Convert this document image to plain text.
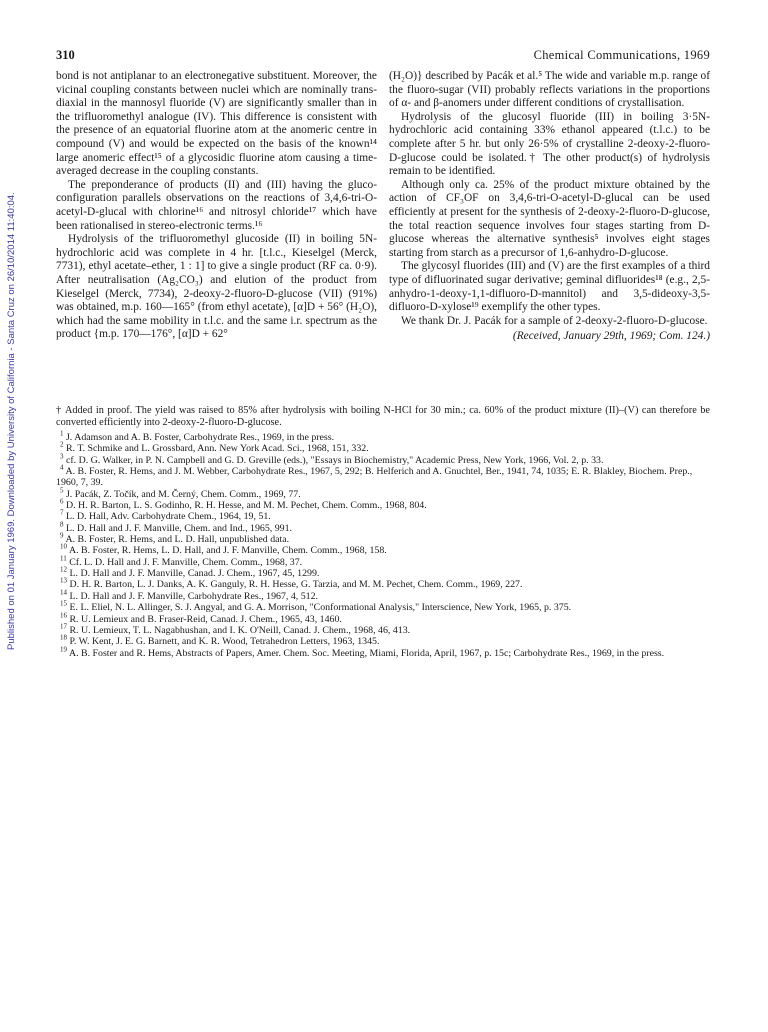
Published on 01 January 1969. Downloaded by University of California - Santa Cruz on 26/10/2014 11:40:04.
310	Chemical Communications, 1969

bond is not antiplanar to an electronegative substituent. Moreover, the vicinal coupling constants between nuclei which are nominally trans-diaxial in the mannosyl fluoride (V) are significantly smaller than in the trifluoromethyl analogue (IV). This difference is consistent with the presence of an equatorial fluorine atom at the anomeric centre in compound (V) and would be expected on the basis of the known¹⁴ large anomeric effect¹⁵ of a glycosidic fluorine atom causing a time-averaged decrease in the coupling constants.

The preponderance of products (II) and (III) having the gluco-configuration parallels observations on the reactions of 3,4,6-tri-O-acetyl-D-glucal with chlorine¹⁶ and nitrosyl chloride¹⁷ which have been rationalised in stereo-electronic terms.¹⁶

Hydrolysis of the trifluoromethyl glucoside (II) in boiling 5N-hydrochloric acid was complete in 4 hr. [t.l.c., Kieselgel (Merck, 7731), ethyl acetate–ether, 1 : 1] to give a single product (RF ca. 0·9). After neutralisation (Ag₂CO₃) and elution of the product from Kieselgel (Merck, 7734), 2-deoxy-2-fluoro-D-glucose (VII) (91%) was obtained, m.p. 160—165° (from ethyl acetate), [α]D + 56° (H₂O), which had the same mobility in t.l.c. and the same i.r. spectrum as the product {m.p. 170—176°, [α]D + 62°

(H₂O)} described by Pacák et al.⁵ The wide and variable m.p. range of the fluoro-sugar (VII) probably reflects variations in the proportions of α- and β-anomers under different conditions of crystallisation.

Hydrolysis of the glucosyl fluoride (III) in boiling 3·5N-hydrochloric acid containing 33% ethanol appeared (t.l.c.) to be complete after 5 hr. but only 26·5% of crystalline 2-deoxy-2-fluoro-D-glucose could be isolated.† The other product(s) of hydrolysis remain to be identified.

Although only ca. 25% of the product mixture obtained by the action of CF₃OF on 3,4,6-tri-O-acetyl-D-glucal can be used efficiently at present for the synthesis of 2-deoxy-2-fluoro-D-glucose, the total reaction sequence involves four stages starting from D-glucose whereas the alternative synthesis⁵ involves eight stages starting from starch as a precursor of 1,6-anhydro-D-glucose.

The glycosyl fluorides (III) and (V) are the first examples of a third type of difluorinated sugar derivative; geminal difluorides¹⁸ (e.g., 2,5-anhydro-1-deoxy-1,1-difluoro-D-mannitol) and 3,5-dideoxy-3,5-difluoro-D-xylose¹⁹ exemplify the other types.

We thank Dr. J. Pacák for a sample of 2-deoxy-2-fluoro-D-glucose.

(Received, January 29th, 1969; Com. 124.)

† Added in proof. The yield was raised to 85% after hydrolysis with boiling N-HCl for 30 min.; ca. 60% of the product mixture (II)–(V) can therefore be converted efficiently into 2-deoxy-2-fluoro-D-glucose.

$^1$ J. Adamson and A. B. Foster, Carbohydrate Res., 1969, in the press.

$^2$ R. T. Schmike and L. Grossbard, Ann. New York Acad. Sci., 1968, 151, 332.

$^3$ cf. D. G. Walker, in P. N. Campbell and G. D. Greville (eds.), "Essays in Biochemistry," Academic Press, New York, 1966, Vol. 2, p. 33.

$^4$ A. B. Foster, R. Hems, and J. M. Webber, Carbohydrate Res., 1967, 5, 292; B. Helferich and A. Gnuchtel, Ber., 1941, 74, 1035; E. R. Blakley, Biochem. Prep., 1960, 7, 39.

$^5$ J. Pacák, Z. Točík, and M. Černý, Chem. Comm., 1969, 77.

$^6$ D. H. R. Barton, L. S. Godinho, R. H. Hesse, and M. M. Pechet, Chem. Comm., 1968, 804.

$^7$ L. D. Hall, Adv. Carbohydrate Chem., 1964, 19, 51.

$^8$ L. D. Hall and J. F. Manville, Chem. and Ind., 1965, 991.

$^9$ A. B. Foster, R. Hems, and L. D. Hall, unpublished data.

$^{10}$ A. B. Foster, R. Hems, L. D. Hall, and J. F. Manville, Chem. Comm., 1968, 158.

$^{11}$ Cf. L. D. Hall and J. F. Manville, Chem. Comm., 1968, 37.

$^{12}$ L. D. Hall and J. F. Manville, Canad. J. Chem., 1967, 45, 1299.

$^{13}$ D. H. R. Barton, L. J. Danks, A. K. Ganguly, R. H. Hesse, G. Tarzia, and M. M. Pechet, Chem. Comm., 1969, 227.

$^{14}$ L. D. Hall and J. F. Manville, Carbohydrate Res., 1967, 4, 512.

$^{15}$ E. L. Eliel, N. L. Allinger, S. J. Angyal, and G. A. Morrison, "Conformational Analysis," Interscience, New York, 1965, p. 375.

$^{16}$ R. U. Lemieux and B. Fraser-Reid, Canad. J. Chem., 1965, 43, 1460.

$^{17}$ R. U. Lemieux, T. L. Nagabhushan, and I. K. O'Neill, Canad. J. Chem., 1968, 46, 413.

$^{18}$ P. W. Kent, J. E. G. Barnett, and K. R. Wood, Tetrahedron Letters, 1963, 1345.

$^{19}$ A. B. Foster and R. Hems, Abstracts of Papers, Amer. Chem. Soc. Meeting, Miami, Florida, April, 1967, p. 15c; Carbohydrate Res., 1969, in the press.
